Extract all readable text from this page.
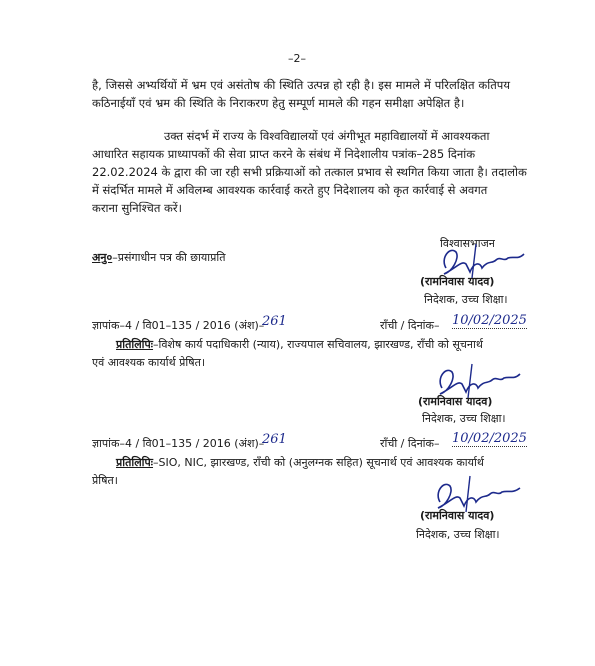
–2–
है, जिससे अभ्यर्थियों में भ्रम एवं असंतोष की स्थिति उत्पन्न हो रही है। इस मामले में परिलक्षित कतिपय
कठिनाईयाँ एवं भ्रम की स्थिति के निराकरण हेतु सम्पूर्ण मामले की गहन समीक्षा अपेक्षित है।
उक्त संदर्भ में राज्य के विश्वविद्यालयों एवं अंगीभूत महाविद्यालयों में आवश्यकता
आधारित सहायक प्राध्यापकों की सेवा प्राप्त करने के संबंध में निदेशालीय पत्रांक–285 दिनांक
22.02.2024 के द्वारा की जा रही सभी प्रक्रियाओं को तत्काल प्रभाव से स्थगित किया जाता है। तदालोक
में संदर्भित मामले में अविलम्ब आवश्यक कार्रवाई करते हुए निदेशालय को कृत कार्रवाई से अवगत
कराना सुनिश्चित करें।
विश्वासभाजन
अनु०–प्रसंगाधीन पत्र की छायाप्रति
(रामनिवास यादव)
निदेशक, उच्च शिक्षा।
ज्ञापांक–4 / वि01–135 / 2016 (अंश)–
261	राँची / दिनांक– 10/02/2025
प्रतिलिपिः–विशेष कार्य पदाधिकारी (न्याय), राज्यपाल सचिवालय, झारखण्ड, राँची को सूचनार्थ
एवं आवश्यक कार्यार्थ प्रेषित।
(रामनिवास यादव)
निदेशक, उच्च शिक्षा।
ज्ञापांक–4 / वि01–135 / 2016 (अंश)–
261	राँची / दिनांक– 10/02/2025
प्रतिलिपिः–SIO, NIC, झारखण्ड, राँची को (अनुलग्नक सहित) सूचनार्थ एवं आवश्यक कार्यार्थ
प्रेषित।
(रामनिवास यादव)
निदेशक, उच्च शिक्षा।
